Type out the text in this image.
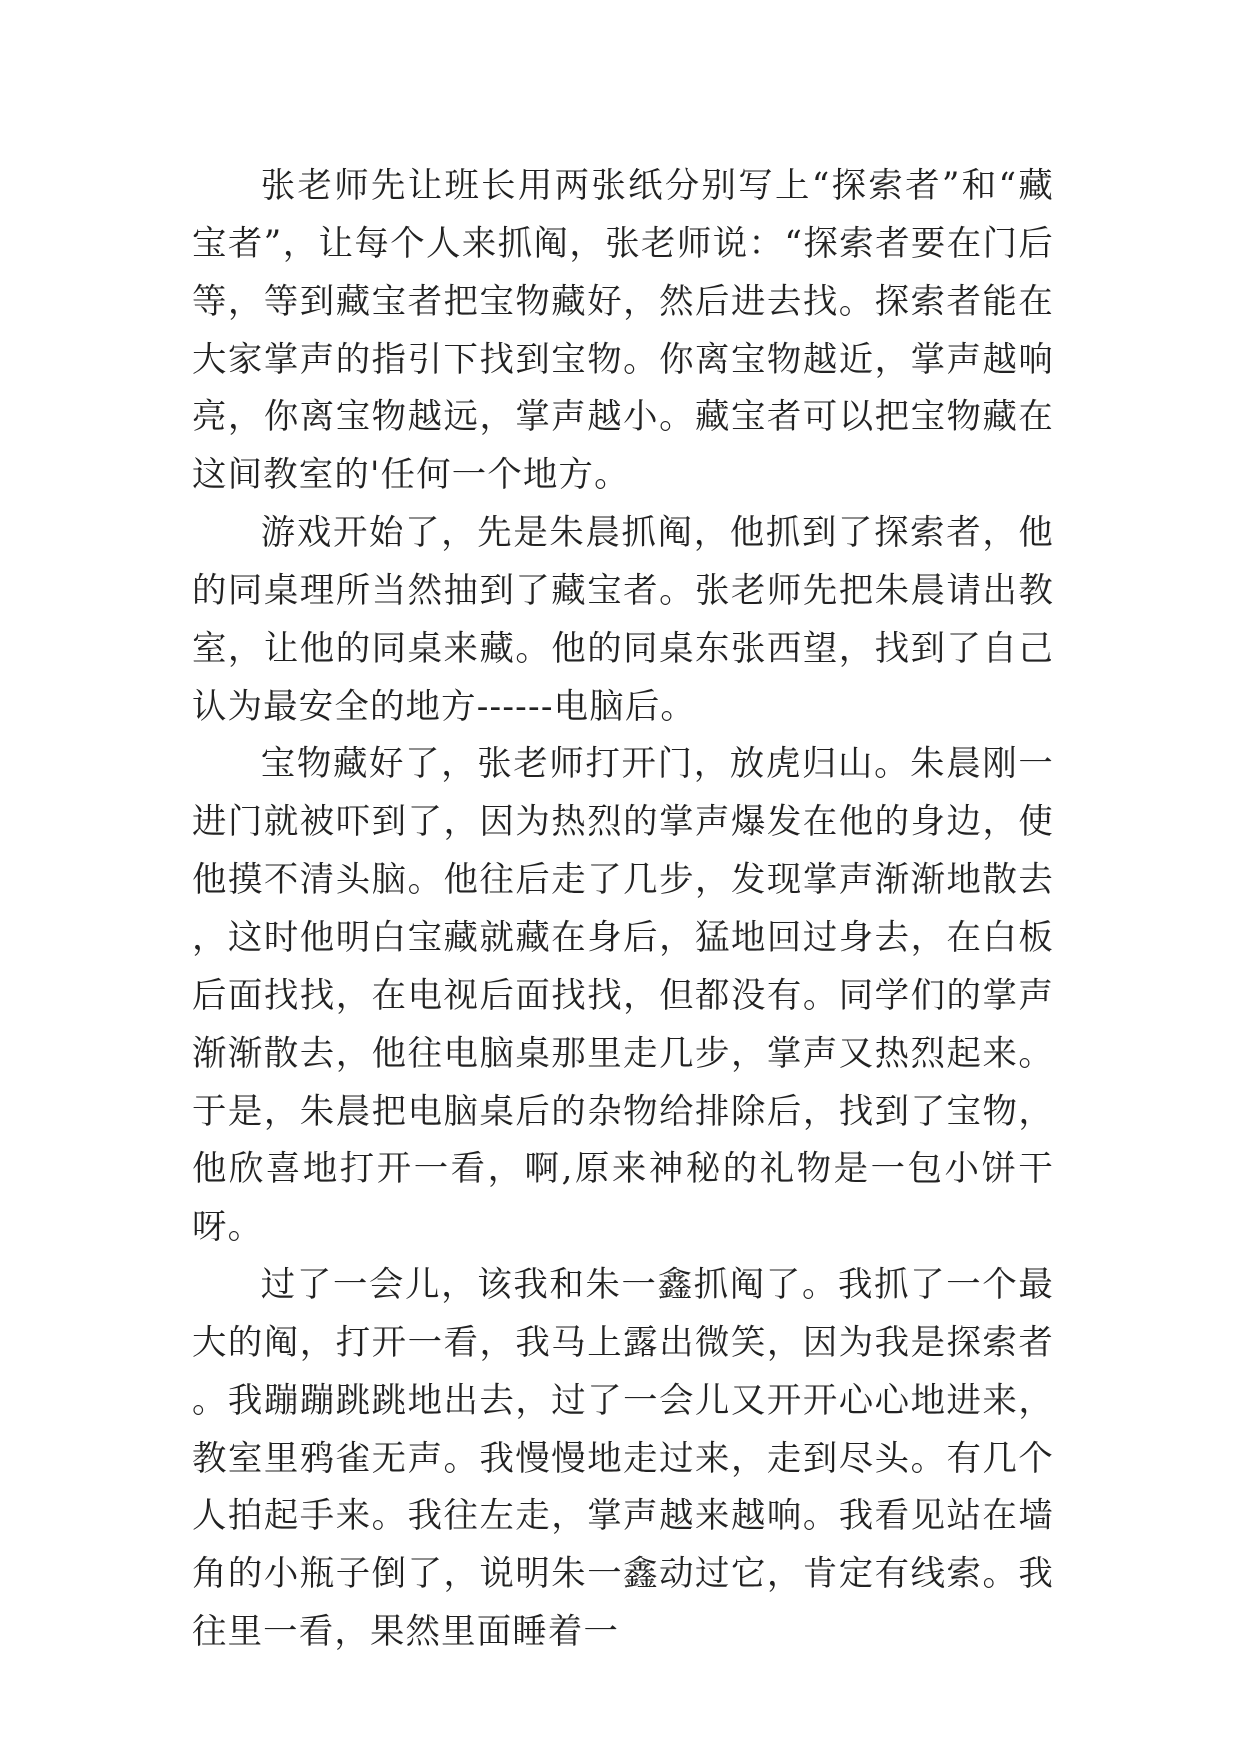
张老师先让班长用两张纸分别写上“探索者”和“藏宝者”，让每个人来抓阄，张老师说：“探索者要在门后等，等到藏宝者把宝物藏好，然后进去找。探索者能在大家掌声的指引下找到宝物。你离宝物越近，掌声越响亮，你离宝物越远，掌声越小。藏宝者可以把宝物藏在这间教室的'任何一个地方。

游戏开始了，先是朱晨抓阄，他抓到了探索者，他的同桌理所当然抽到了藏宝者。张老师先把朱晨请出教室，让他的同桌来藏。他的同桌东张西望，找到了自己认为最安全的地方------电脑后。

宝物藏好了，张老师打开门，放虎归山。朱晨刚一进门就被吓到了，因为热烈的掌声爆发在他的身边，使他摸不清头脑。他往后走了几步，发现掌声渐渐地散去，这时他明白宝藏就藏在身后，猛地回过身去，在白板后面找找，在电视后面找找，但都没有。同学们的掌声渐渐散去，他往电脑桌那里走几步，掌声又热烈起来。于是，朱晨把电脑桌后的杂物给排除后，找到了宝物，他欣喜地打开一看，啊,原来神秘的礼物是一包小饼干呀。

过了一会儿，该我和朱一鑫抓阄了。我抓了一个最大的阄，打开一看，我马上露出微笑，因为我是探索者。我蹦蹦跳跳地出去，过了一会儿又开开心心地进来，教室里鸦雀无声。我慢慢地走过来，走到尽头。有几个人拍起手来。我往左走，掌声越来越响。我看见站在墙角的小瓶子倒了，说明朱一鑫动过它，肯定有线索。我往里一看，果然里面睡着一
